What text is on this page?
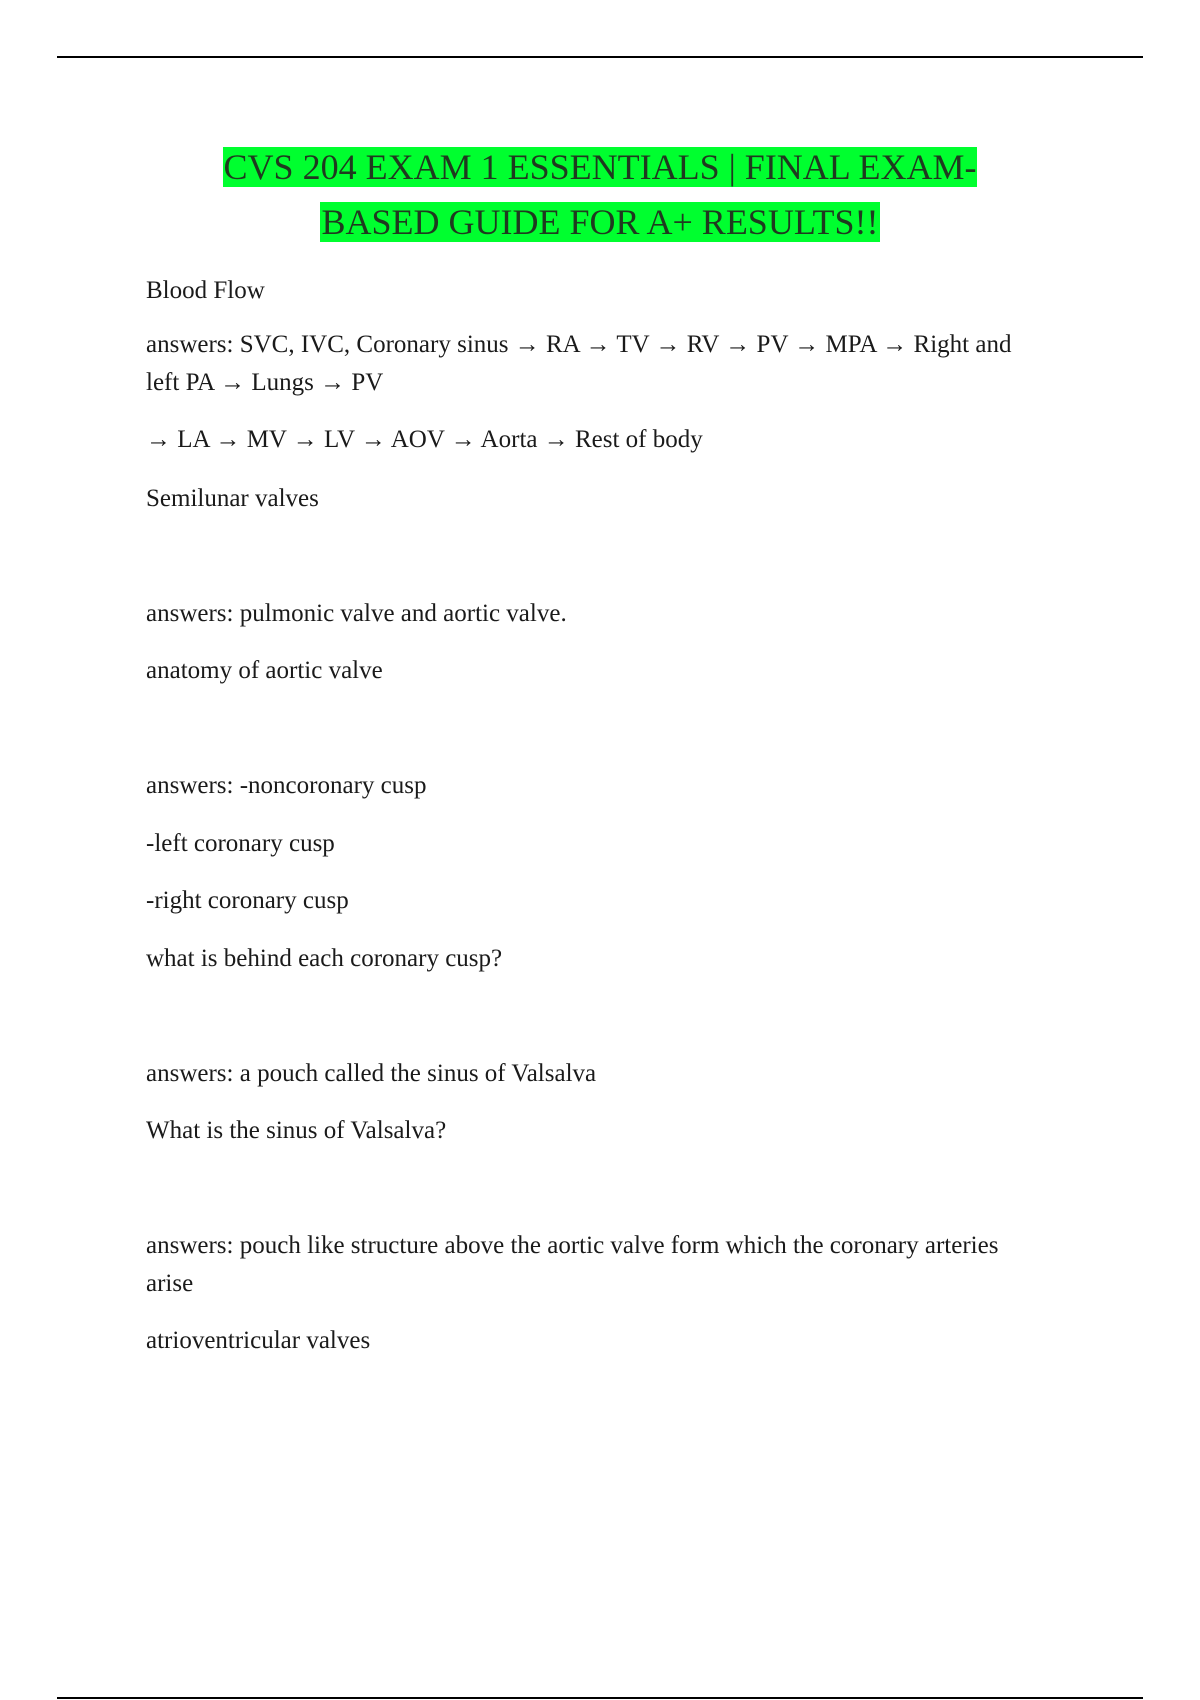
CVS 204 EXAM 1 ESSENTIALS | FINAL EXAM-
BASED GUIDE FOR A+ RESULTS!!

Blood Flow

answers: SVC, IVC, Coronary sinus → RA → TV → RV → PV → MPA → Right and left PA → Lungs → PV

→ LA → MV → LV → AOV → Aorta → Rest of body

Semilunar valves

answers: pulmonic valve and aortic valve.

anatomy of aortic valve

answers: -noncoronary cusp

-left coronary cusp

-right coronary cusp

what is behind each coronary cusp?

answers: a pouch called the sinus of Valsalva

What is the sinus of Valsalva?

answers: pouch like structure above the aortic valve form which the coronary arteries arise

atrioventricular valves
